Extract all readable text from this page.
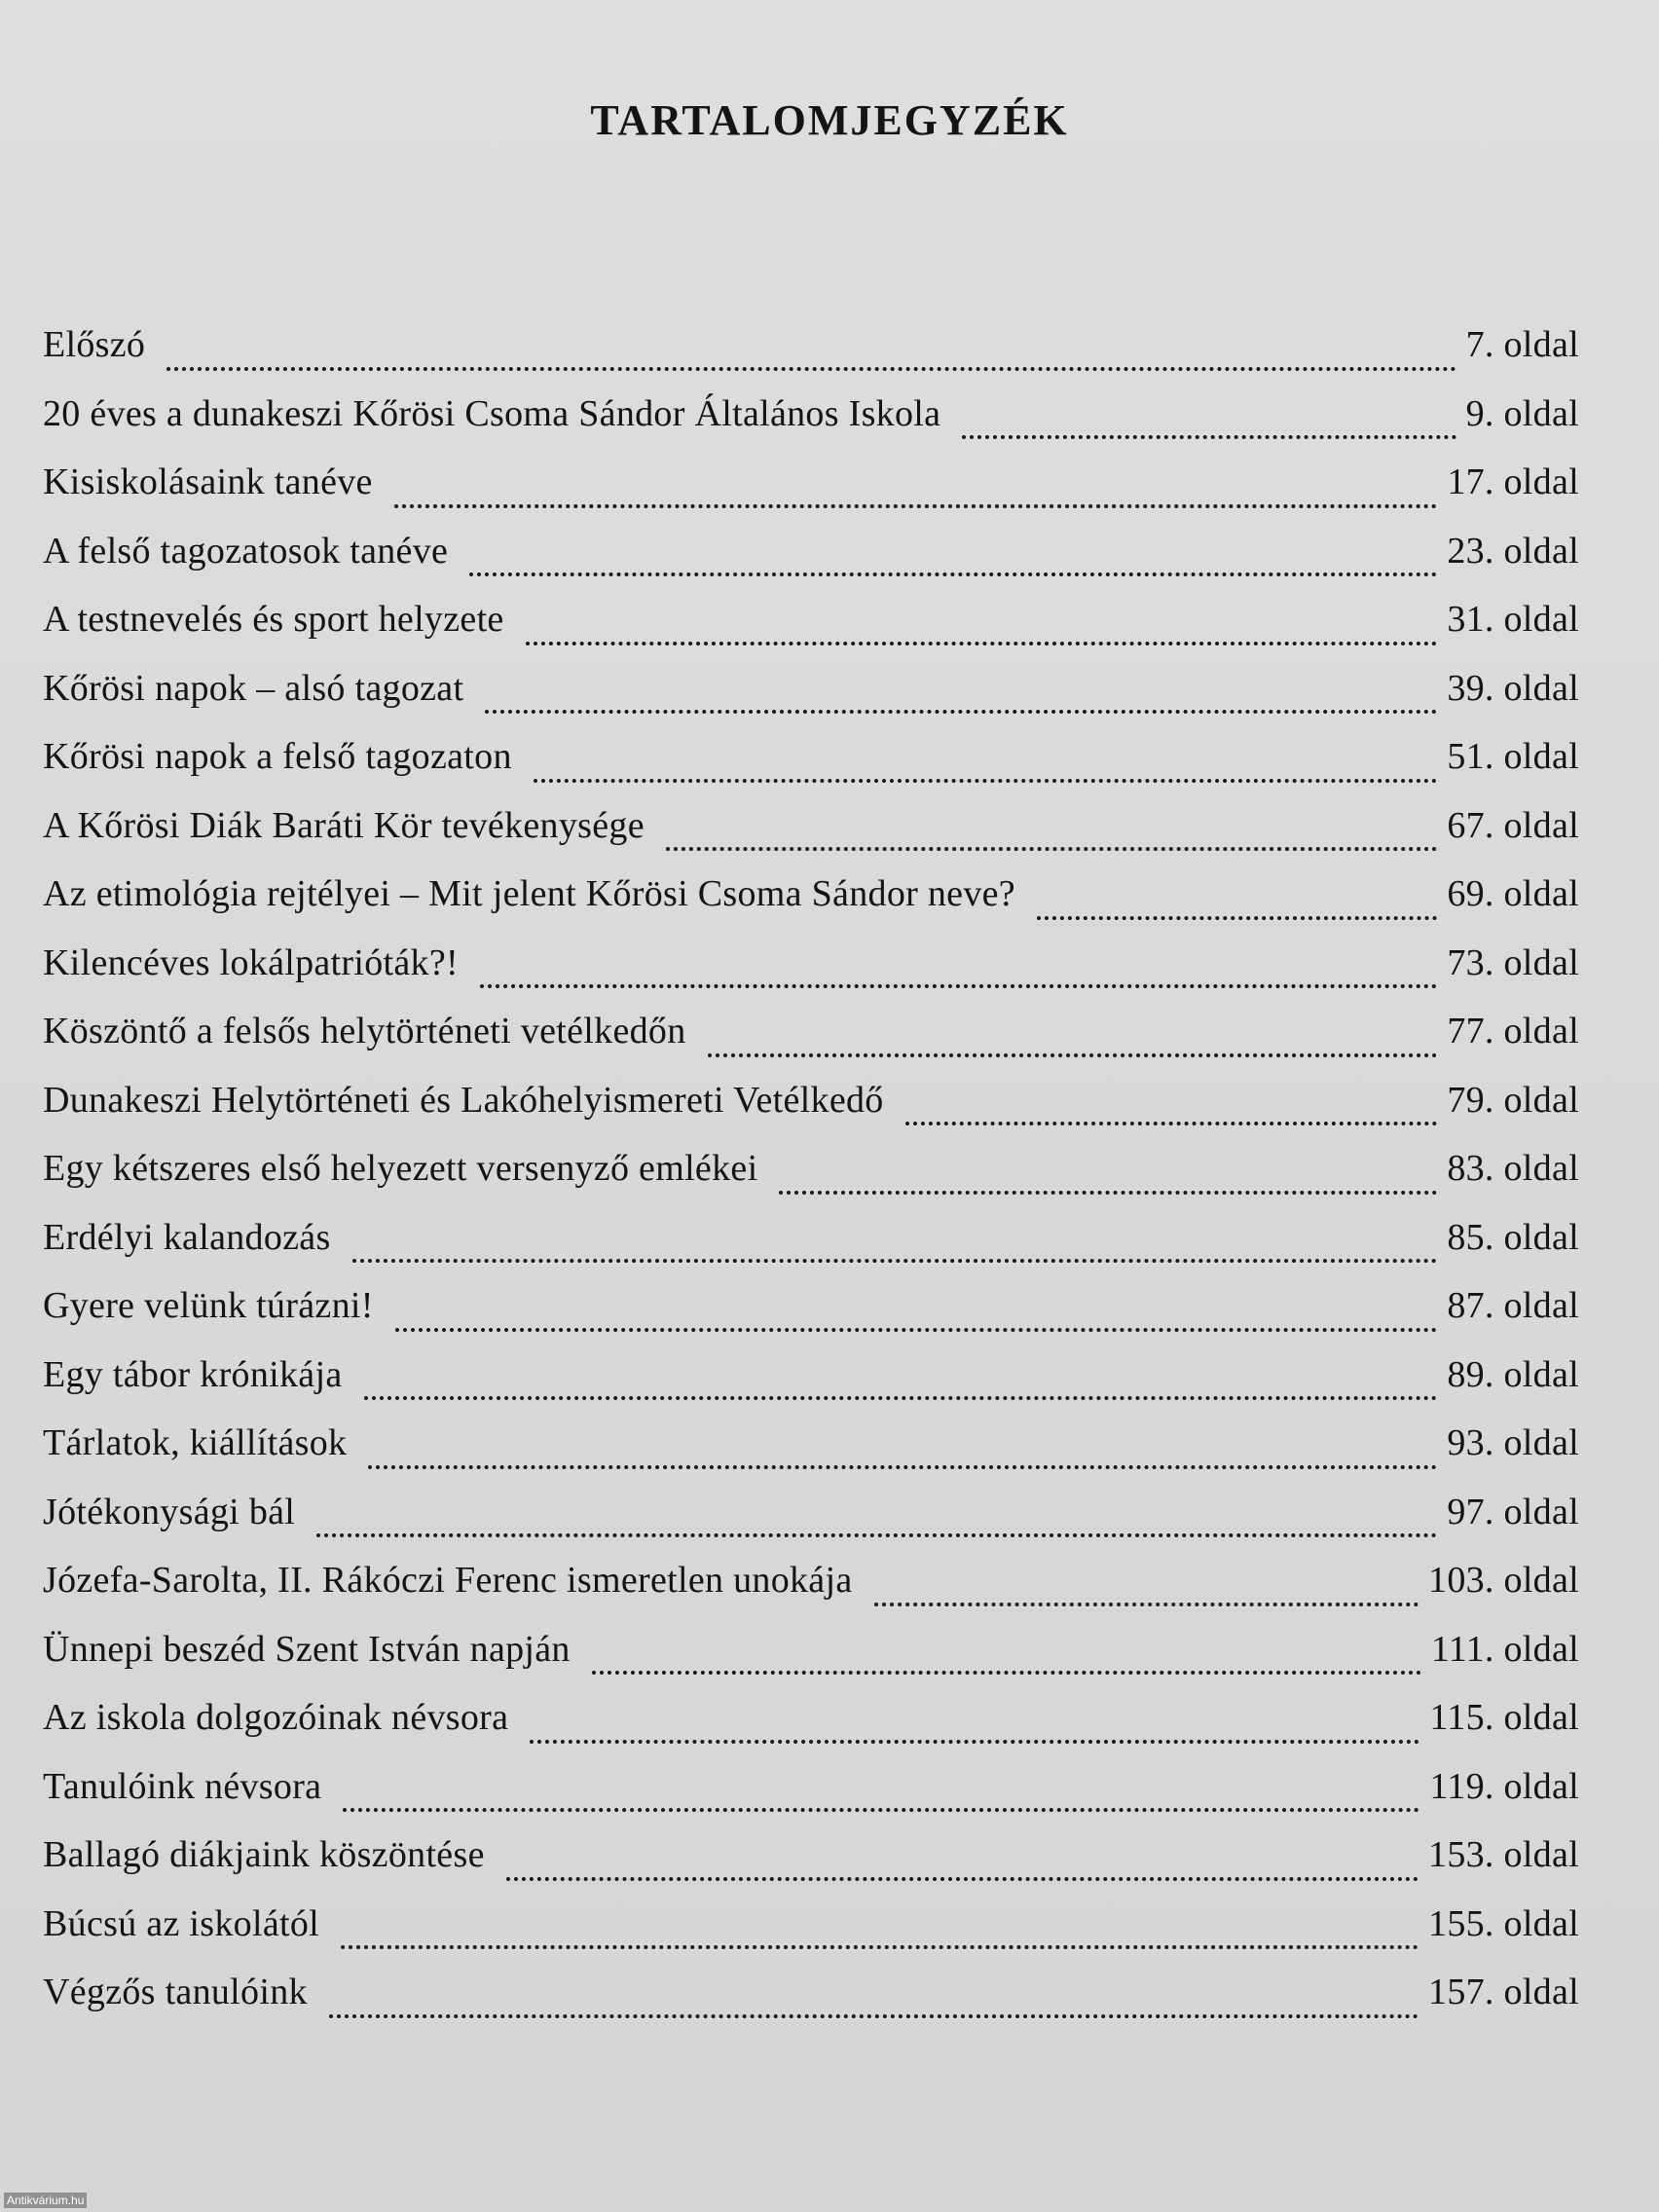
TARTALOMJEGYZÉK
Előszó	7. oldal
20 éves a dunakeszi Kőrösi Csoma Sándor Általános Iskola	9. oldal
Kisiskolásaink tanéve	17. oldal
A felső tagozatosok tanéve	23. oldal
A testnevelés és sport helyzete	31. oldal
Kőrösi napok – alsó tagozat	39. oldal
Kőrösi napok a felső tagozaton	51. oldal
A Kőrösi Diák Baráti Kör tevékenysége	67. oldal
Az etimológia rejtélyei – Mit jelent Kőrösi Csoma Sándor neve?	69. oldal
Kilencéves lokálpatrióták?!	73. oldal
Köszöntő a felsős helytörténeti vetélkedőn	77. oldal
Dunakeszi Helytörténeti és Lakóhelyismereti Vetélkedő	79. oldal
Egy kétszeres első helyezett versenyző emlékei	83. oldal
Erdélyi kalandozás	85. oldal
Gyere velünk túrázni!	87. oldal
Egy tábor krónikája	89. oldal
Tárlatok, kiállítások	93. oldal
Jótékonysági bál	97. oldal
Józefa-Sarolta, II. Rákóczi Ferenc ismeretlen unokája	103. oldal
Ünnepi beszéd Szent István napján	111. oldal
Az iskola dolgozóinak névsora	115. oldal
Tanulóink névsora	119. oldal
Ballagó diákjaink köszöntése	153. oldal
Búcsú az iskolától	155. oldal
Végzős tanulóink	157. oldal
Antikvárium.hu
